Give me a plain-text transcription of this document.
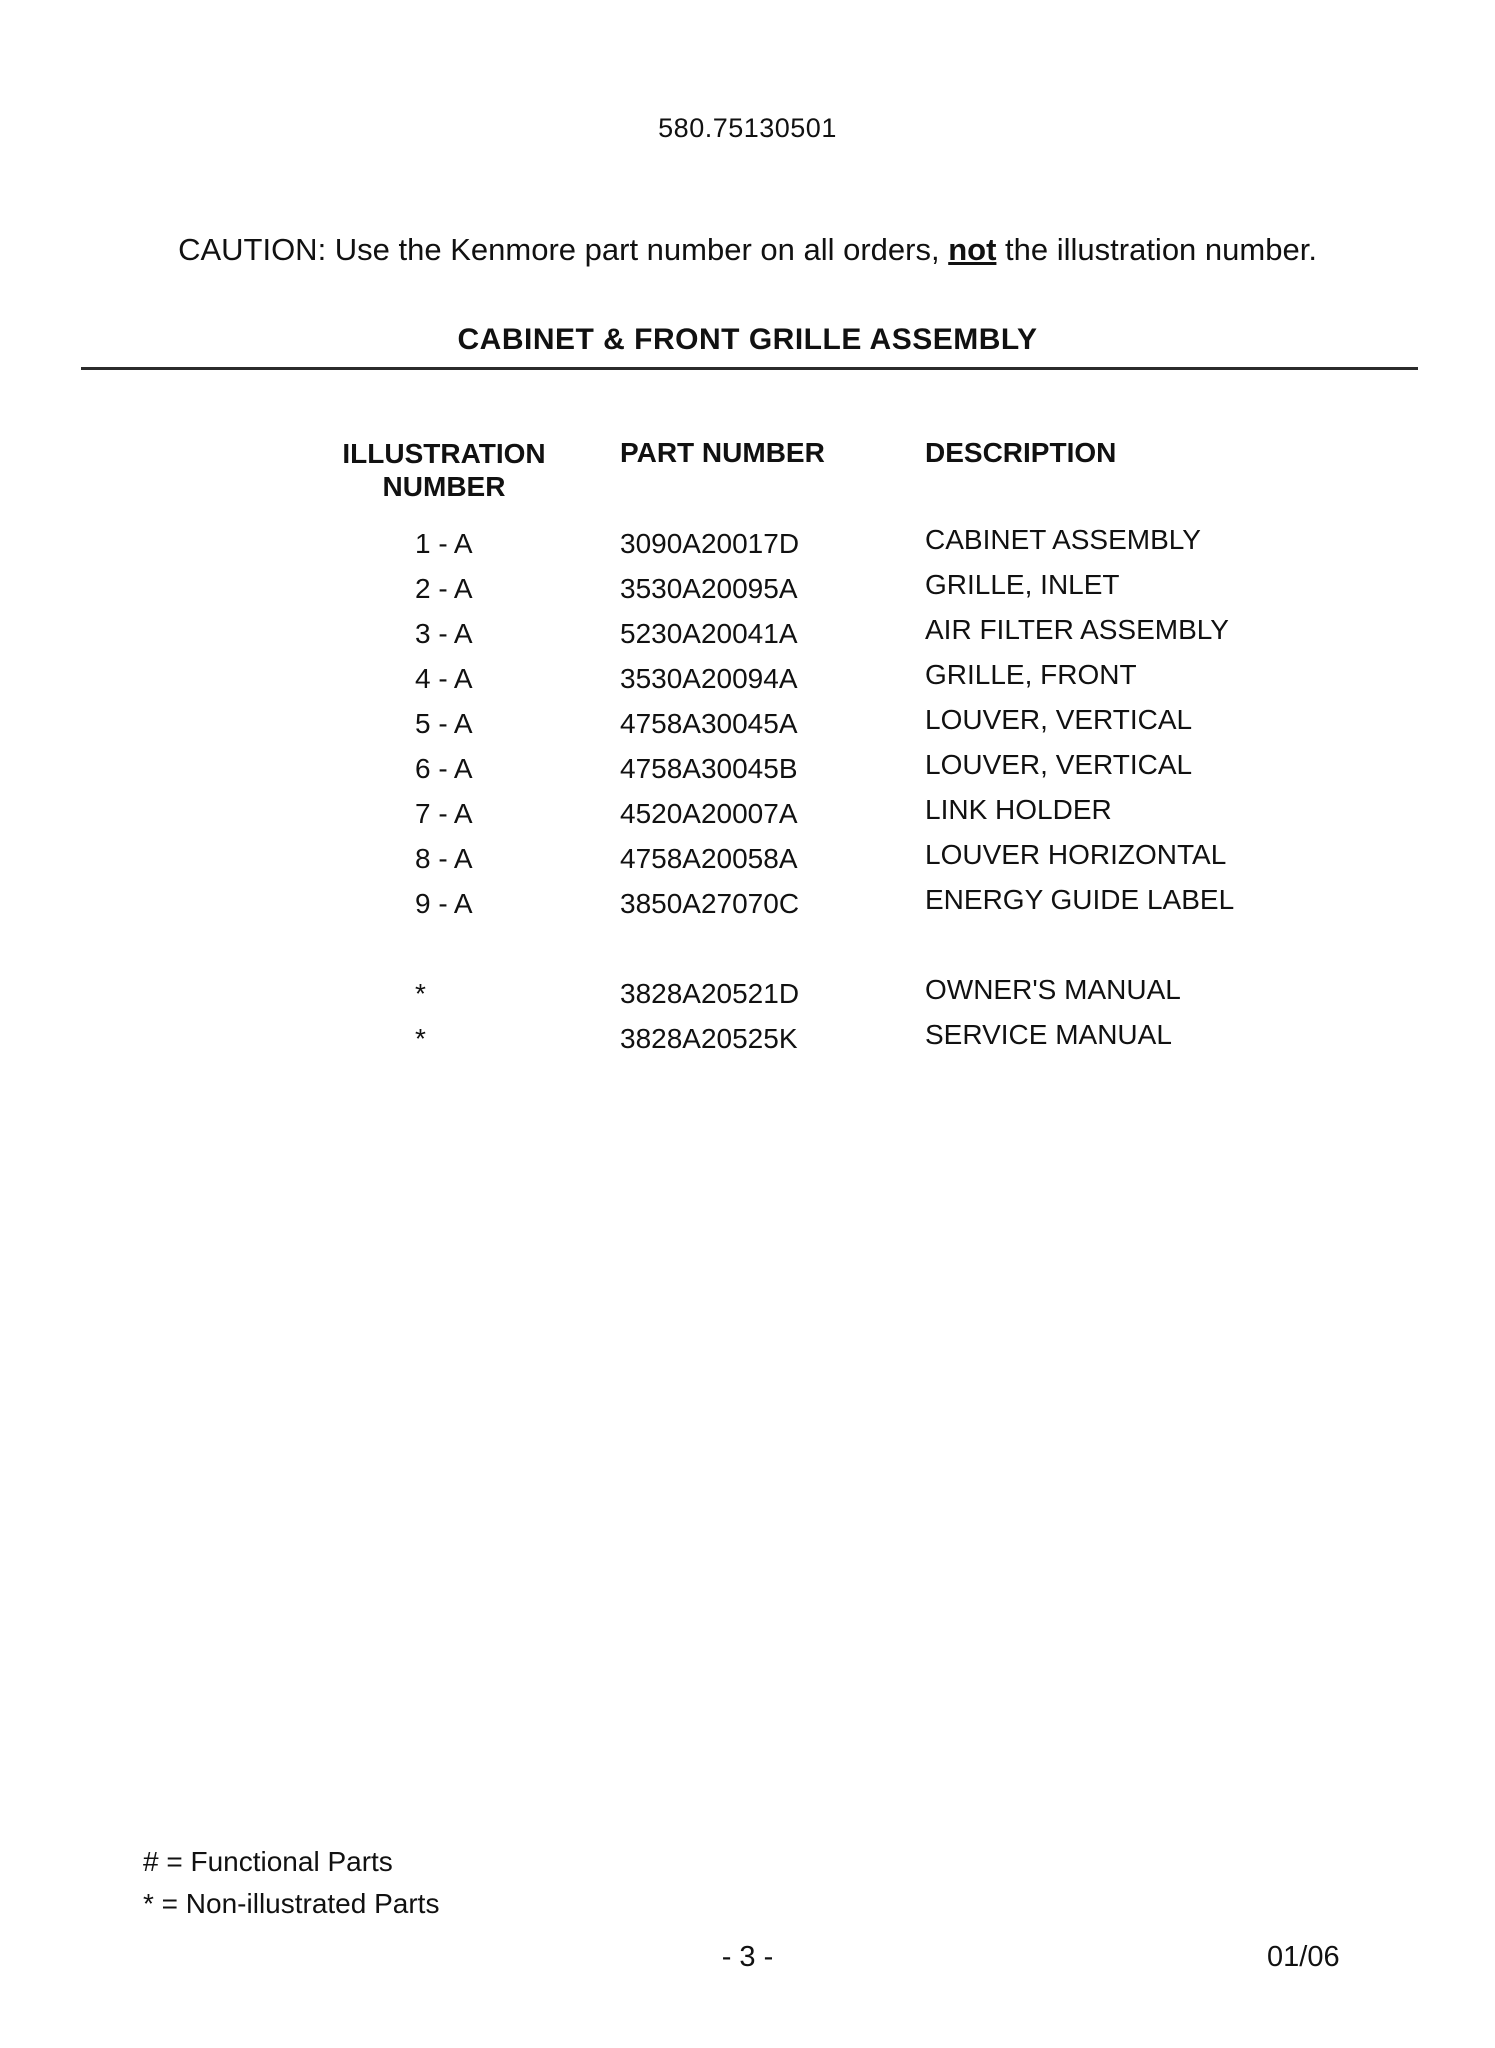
580.75130501
CAUTION: Use the Kenmore part number on all orders, not the illustration number.
CABINET & FRONT GRILLE ASSEMBLY
ILLUSTRATION
NUMBER
PART NUMBER	DESCRIPTION
1 - A	3090A20017D	CABINET ASSEMBLY
2 - A	3530A20095A	GRILLE, INLET
3 - A	5230A20041A	AIR FILTER ASSEMBLY
4 - A	3530A20094A	GRILLE, FRONT
5 - A	4758A30045A	LOUVER, VERTICAL
6 - A	4758A30045B	LOUVER, VERTICAL
7 - A	4520A20007A	LINK HOLDER
8 - A	4758A20058A	LOUVER HORIZONTAL
9 - A	3850A27070C	ENERGY GUIDE LABEL
*	3828A20521D	OWNER'S MANUAL
*	3828A20525K	SERVICE MANUAL
# = Functional Parts
* = Non-illustrated Parts
- 3 -	01/06
